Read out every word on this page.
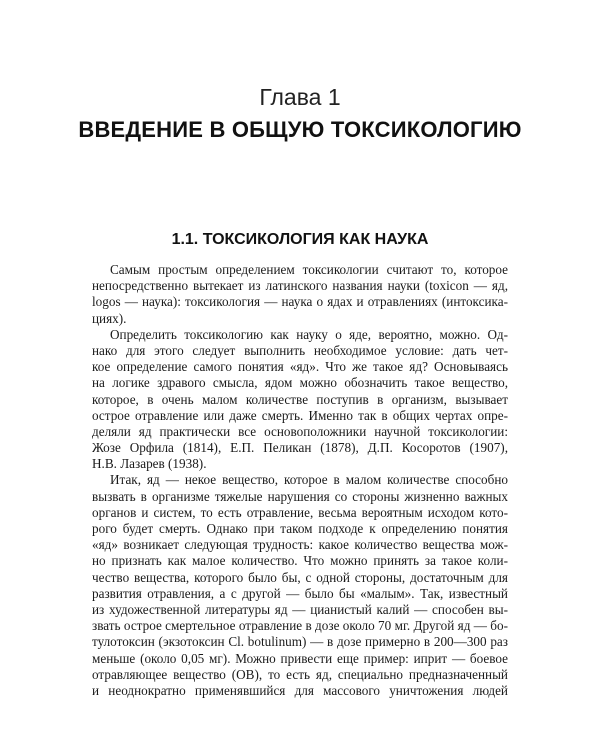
Глава 1
ВВЕДЕНИЕ В ОБЩУЮ ТОКСИКОЛОГИЮ
1.1. ТОКСИКОЛОГИЯ КАК НАУКА
Самым простым определением токсикологии считают то, которое
непосредственно вытекает из латинского названия науки (toxicon — яд,
logos — наука): токсикология — наука о ядах и отравлениях (интоксика-
циях).
Определить токсикологию как науку о яде, вероятно, можно. Од-
нако для этого следует выполнить необходимое условие: дать чет-
кое определение самого понятия «яд». Что же такое яд? Основываясь
на логике здравого смысла, ядом можно обозначить такое вещество,
которое, в очень малом количестве поступив в организм, вызывает
острое отравление или даже смерть. Именно так в общих чертах опре-
деляли яд практически все основоположники научной токсикологии:
Жозе Орфила (1814), Е.П. Пеликан (1878), Д.П. Косоротов (1907),
Н.В. Лазарев (1938).
Итак, яд — некое вещество, которое в малом количестве способно
вызвать в организме тяжелые нарушения со стороны жизненно важных
органов и систем, то есть отравление, весьма вероятным исходом кото-
рого будет смерть. Однако при таком подходе к определению понятия
«яд» возникает следующая трудность: какое количество вещества мож-
но признать как малое количество. Что можно принять за такое коли-
чество вещества, которого было бы, с одной стороны, достаточным для
развития отравления, а с другой — было бы «малым». Так, известный
из художественной литературы яд — цианистый калий — способен вы-
звать острое смертельное отравление в дозе около 70 мг. Другой яд — бо-
тулотоксин (экзотоксин Cl. botulinum) — в дозе примерно в 200—300 раз
меньше (около 0,05 мг). Можно привести еще пример: иприт — боевое
отравляющее вещество (ОВ), то есть яд, специально предназначенный
и неоднократно применявшийся для массового уничтожения людей
